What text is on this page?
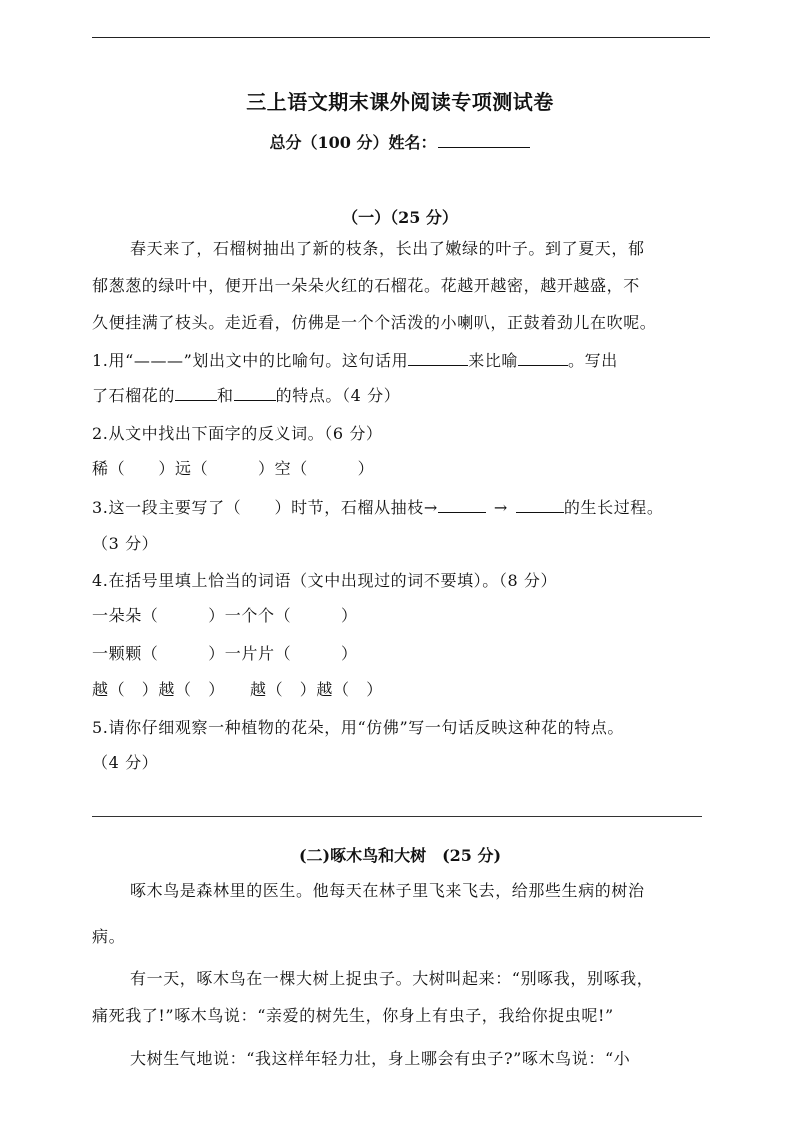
三上语文期末课外阅读专项测试卷
总分（100 分）姓名：
（一）（25 分）
春天来了，石榴树抽出了新的枝条，长出了嫩绿的叶子。到了夏天，郁
郁葱葱的绿叶中，便开出一朵朵火红的石榴花。花越开越密，越开越盛，不
久便挂满了枝头。走近看，仿佛是一个个活泼的小喇叭，正鼓着劲儿在吹呢。
1.用“———”划出文中的比喻句。这句话用	来比喻	。写出
了石榴花的	和	的特点。（4 分）
2.从文中找出下面字的反义词。（6 分）
稀（　　）远（　　　）空（　　　）
3.这一段主要写了（　　）时节，石榴从抽枝→	→	的生长过程。
（3 分）
4.在括号里填上恰当的词语（文中出现过的词不要填）。（8 分）
一朵朵（　　　）一个个（　　　）
一颗颗（　　　）一片片（　　　）
越（　）越（　）　　越（　）越（　）
5.请你仔细观察一种植物的花朵，用“仿佛”写一句话反映这种花的特点。
（4 分）
(二)啄木鸟和大树　(25 分)
啄木鸟是森林里的医生。他每天在林子里飞来飞去，给那些生病的树治
病。
有一天，啄木鸟在一棵大树上捉虫子。大树叫起来：“别啄我，别啄我，
痛死我了!”啄木鸟说：“亲爱的树先生，你身上有虫子，我给你捉虫呢!”
大树生气地说：“我这样年轻力壮，身上哪会有虫子?”啄木鸟说：“小
